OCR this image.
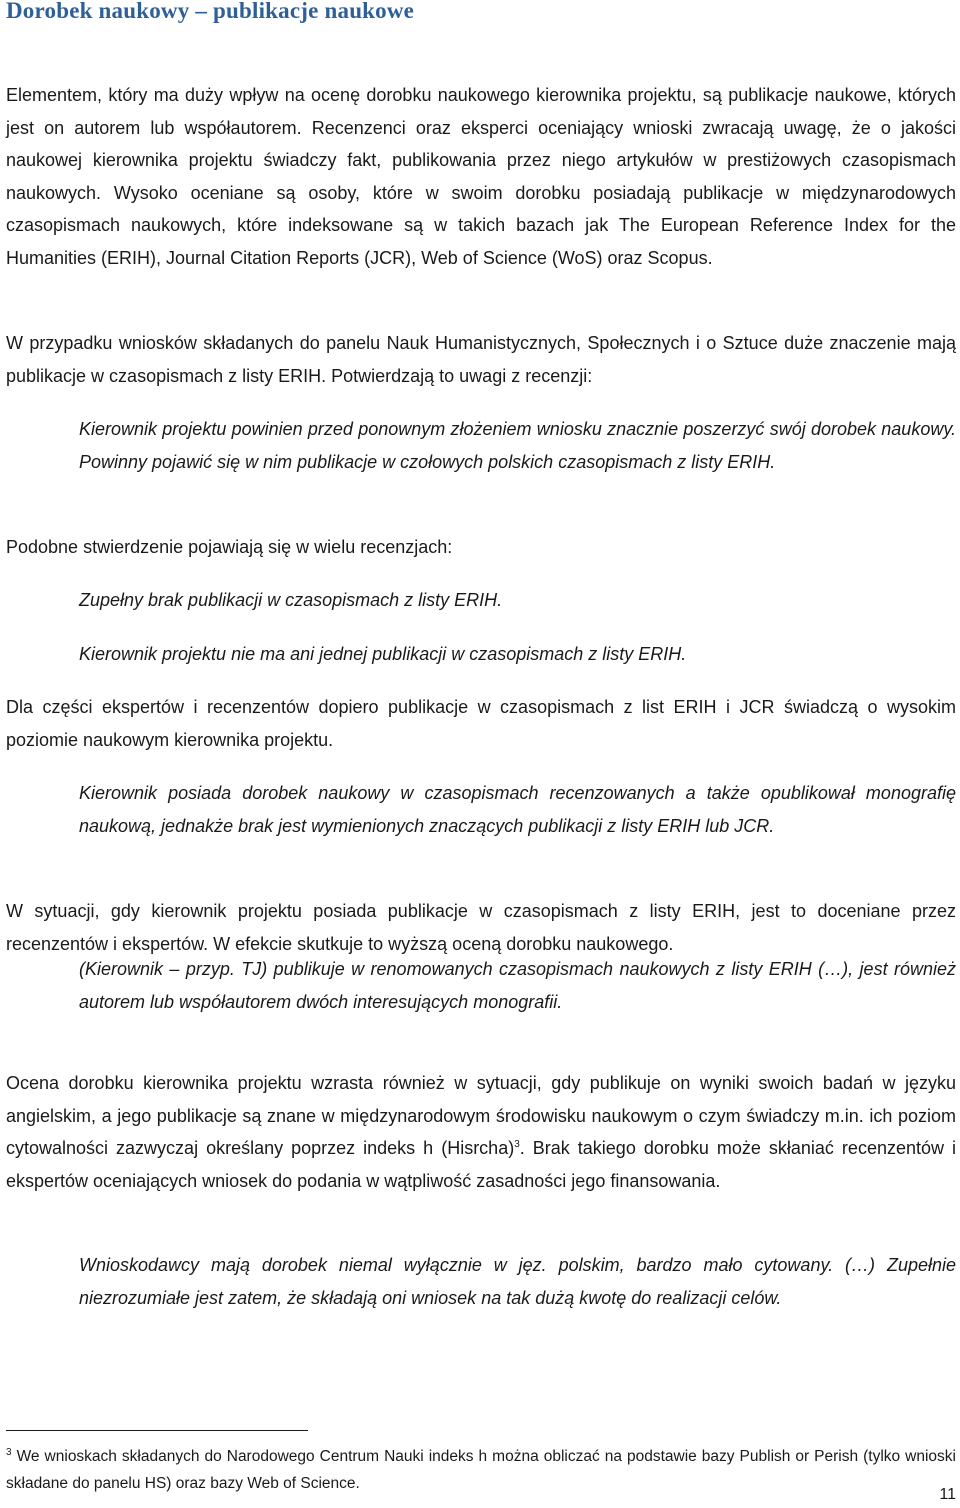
Dorobek naukowy – publikacje naukowe

Elementem, który ma duży wpływ na ocenę dorobku naukowego kierownika projektu, są publikacje naukowe, których jest on autorem lub współautorem. Recenzenci oraz eksperci oceniający wnioski zwracają uwagę, że o jakości naukowej kierownika projektu świadczy fakt, publikowania przez niego artykułów w prestiżowych czasopismach naukowych. Wysoko oceniane są osoby, które w swoim dorobku posiadają publikacje w międzynarodowych czasopismach naukowych, które indeksowane są w takich bazach jak The European Reference Index for the Humanities (ERIH), Journal Citation Reports (JCR), Web of Science (WoS) oraz Scopus.

W przypadku wniosków składanych do panelu Nauk Humanistycznych, Społecznych i o Sztuce duże znaczenie mają publikacje w czasopismach z listy ERIH. Potwierdzają to uwagi z recenzji:

Kierownik projektu powinien przed ponownym złożeniem wniosku znacznie poszerzyć swój dorobek naukowy. Powinny pojawić się w nim publikacje w czołowych polskich czasopismach z listy ERIH.

Podobne stwierdzenie pojawiają się w wielu recenzjach:

Zupełny brak publikacji w czasopismach z listy ERIH.

Kierownik projektu nie ma ani jednej publikacji w czasopismach z listy ERIH.

Dla części ekspertów i recenzentów dopiero publikacje w czasopismach z list ERIH i JCR świadczą o wysokim poziomie naukowym kierownika projektu.

Kierownik posiada dorobek naukowy w czasopismach recenzowanych a także opublikował monografię naukową, jednakże brak jest wymienionych znaczących publikacji z listy ERIH lub JCR.

W sytuacji, gdy kierownik projektu posiada publikacje w czasopismach z listy ERIH, jest to doceniane przez recenzentów i ekspertów. W efekcie skutkuje to wyższą oceną dorobku naukowego.

(Kierownik – przyp. TJ) publikuje w renomowanych czasopismach naukowych z listy ERIH (…), jest również autorem lub współautorem dwóch interesujących monografii.

Ocena dorobku kierownika projektu wzrasta również w sytuacji, gdy publikuje on wyniki swoich badań w języku angielskim, a jego publikacje są znane w międzynarodowym środowisku naukowym o czym świadczy m.in. ich poziom cytowalności zazwyczaj określany poprzez indeks h (Hisrcha)$^3$. Brak takiego dorobku może skłaniać recenzentów i ekspertów oceniających wniosek do podania w wątpliwość zasadności jego finansowania.

Wnioskodawcy mają dorobek niemal wyłącznie w jęz. polskim, bardzo mało cytowany. (…) Zupełnie niezrozumiałe jest zatem, że składają oni wniosek na tak dużą kwotę do realizacji celów.

$^3$ We wnioskach składanych do Narodowego Centrum Nauki indeks h można obliczać na podstawie bazy Publish or Perish (tylko wnioski składane do panelu HS) oraz bazy Web of Science.

11
